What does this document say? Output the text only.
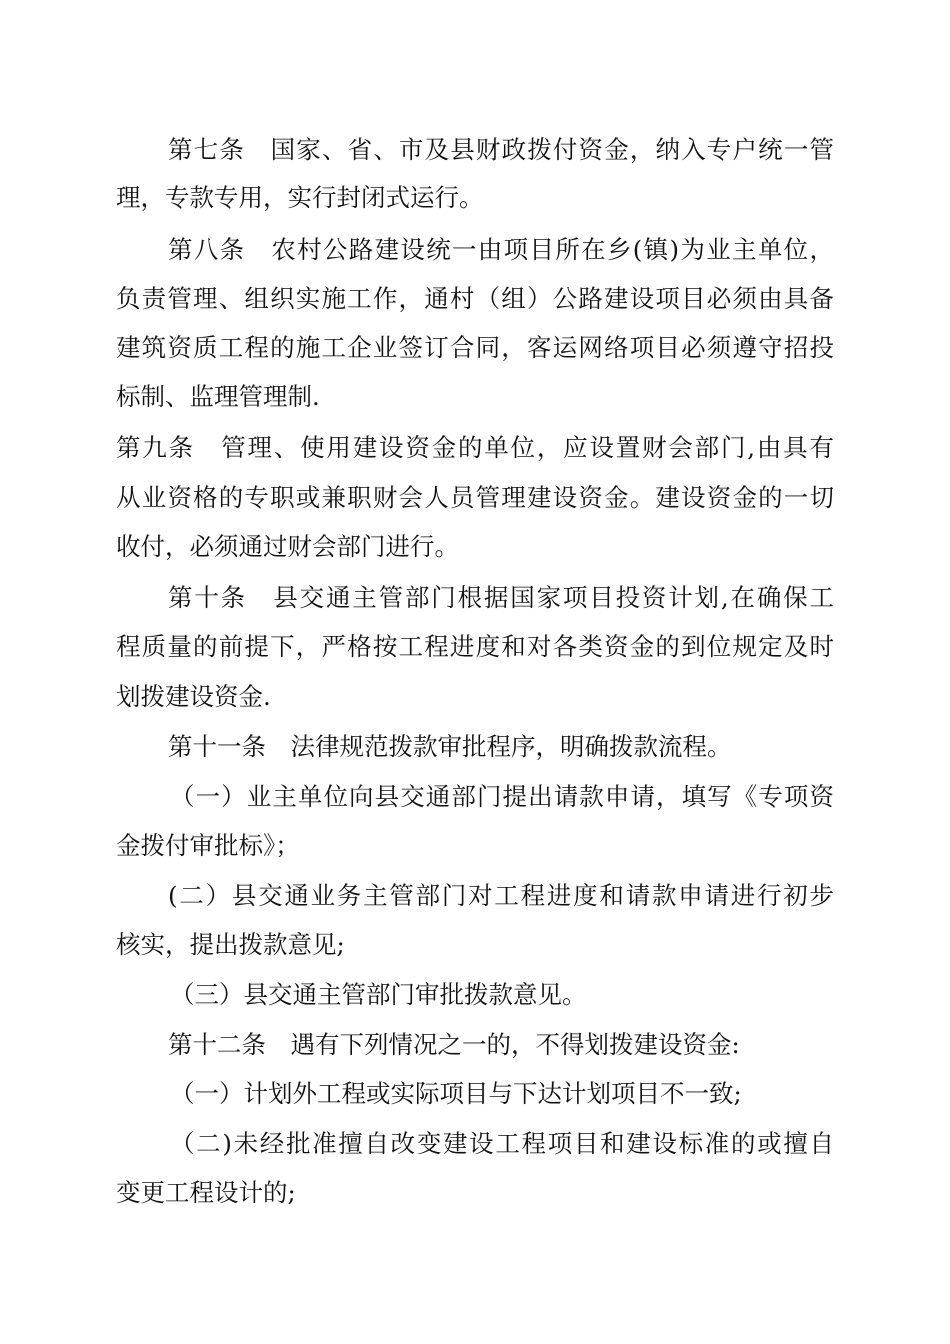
第七条　国家、省、市及县财政拨付资金，纳入专户统一管
理，专款专用，实行封闭式运行。
第八条　农村公路建设统一由项目所在乡(镇)为业主单位，
负责管理、组织实施工作，通村（组）公路建设项目必须由具备
建筑资质工程的施工企业签订合同，客运网络项目必须遵守招投
标制、监理管理制.
第九条　管理、使用建设资金的单位，应设置财会部门,由具有
从业资格的专职或兼职财会人员管理建设资金。建设资金的一切
收付，必须通过财会部门进行。
第十条　县交通主管部门根据国家项目投资计划,在确保工
程质量的前提下，严格按工程进度和对各类资金的到位规定及时
划拨建设资金.
第十一条　法律规范拨款审批程序，明确拨款流程。
（一）业主单位向县交通部门提出请款申请，填写《专项资
金拨付审批标》；
(二）县交通业务主管部门对工程进度和请款申请进行初步
核实，提出拨款意见;
（三）县交通主管部门审批拨款意见。
第十二条　遇有下列情况之一的，不得划拨建设资金:
（一）计划外工程或实际项目与下达计划项目不一致;
（二)未经批准擅自改变建设工程项目和建设标准的或擅自
变更工程设计的;
